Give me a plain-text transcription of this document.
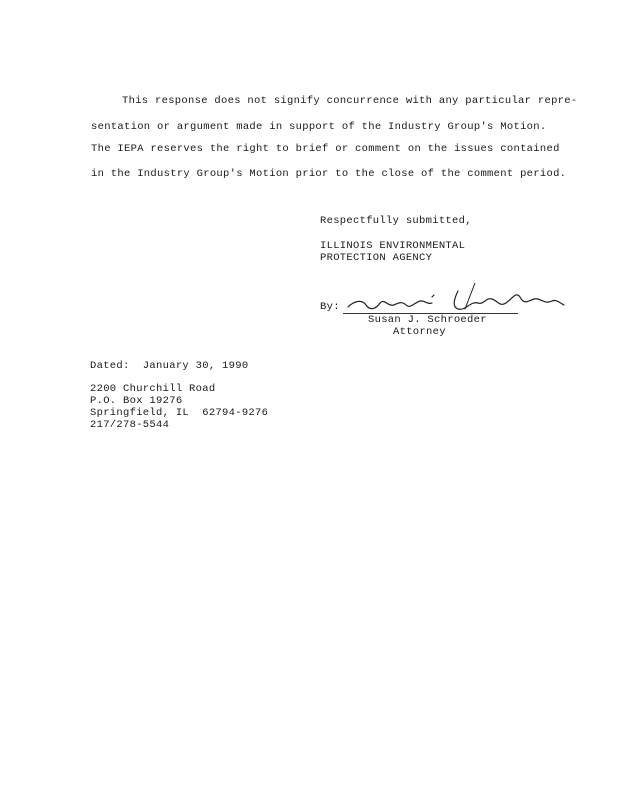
This response does not signify concurrence with any particular repre-
sentation or argument made in support of the Industry Group's Motion.
The IEPA reserves the right to brief or comment on the issues contained
in the Industry Group's Motion prior to the close of the comment period.
Respectfully submitted,
ILLINOIS ENVIRONMENTAL
PROTECTION AGENCY
By:
Susan J. Schroeder
Attorney
Dated:  January 30, 1990
2200 Churchill Road
P.O. Box 19276
Springfield, IL  62794-9276
217/278-5544
